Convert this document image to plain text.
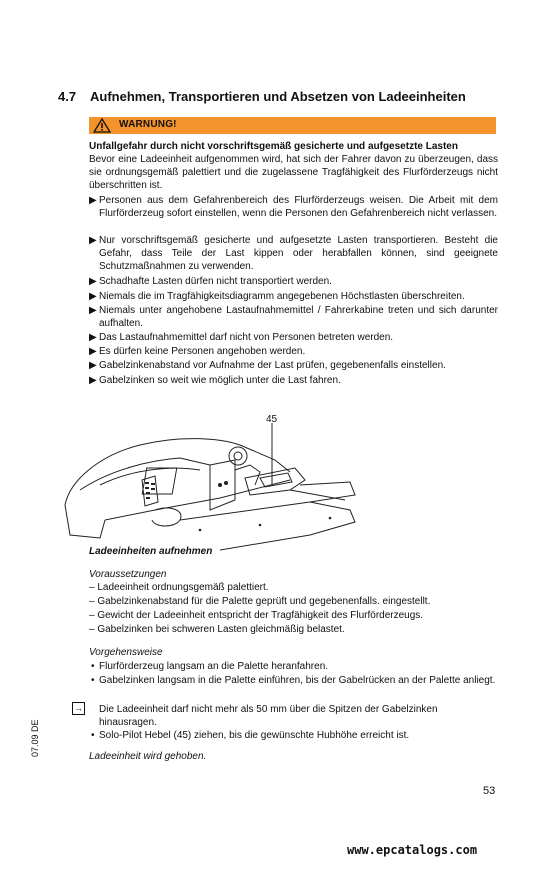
4.7 Aufnehmen, Transportieren und Absetzen von Ladeeinheiten
WARNUNG!
Unfallgefahr durch nicht vorschriftsgemäß gesicherte und aufgesetzte Lasten
Bevor eine Ladeeinheit aufgenommen wird, hat sich der Fahrer davon zu überzeugen, dass sie ordnungsgemäß palettiert und die zugelassene Tragfähigkeit des Flurförderzeugs nicht überschritten ist.
▶ Personen aus dem Gefahrenbereich des Flurförderzeugs weisen. Die Arbeit mit dem Flurförderzeug sofort einstellen, wenn die Personen den Gefahrenbereich nicht verlassen.
▶ Nur vorschriftsgemäß gesicherte und aufgesetzte Lasten transportieren. Besteht die Gefahr, dass Teile der Last kippen oder herabfallen können, sind geeignete Schutzmaßnahmen zu verwenden.
▶ Schadhafte Lasten dürfen nicht transportiert werden.
▶ Niemals die im Tragfähigkeitsdiagramm angegebenen Höchstlasten überschreiten.
▶ Niemals unter angehobene Lastaufnahmemittel / Fahrerkabine treten und sich darunter aufhalten.
▶ Das Lastaufnahmemittel darf nicht von Personen betreten werden.
▶ Es dürfen keine Personen angehoben werden.
▶ Gabelzinkenabstand vor Aufnahme der Last prüfen, gegebenenfalls einstellen.
▶ Gabelzinken so weit wie möglich unter die Last fahren.
45
Ladeeinheiten aufnehmen
Voraussetzungen
– Ladeeinheit ordnungsgemäß palettiert.
– Gabelzinkenabstand für die Palette geprüft und gegebenenfalls. eingestellt.
– Gewicht der Ladeeinheit entspricht der Tragfähigkeit des Flurförderzeugs.
– Gabelzinken bei schweren Lasten gleichmäßig belastet.
Vorgehensweise
• Flurförderzeug langsam an die Palette heranfahren.
• Gabelzinken langsam in die Palette einführen, bis der Gabelrücken an der Palette anliegt.
→ Die Ladeeinheit darf nicht mehr als 50 mm über die Spitzen der Gabelzinken hinausragen.
• Solo-Pilot Hebel (45) ziehen, bis die gewünschte Hubhöhe erreicht ist.
Ladeeinheit wird gehoben.
07.09 DE
53
www.epcatalogs.com
